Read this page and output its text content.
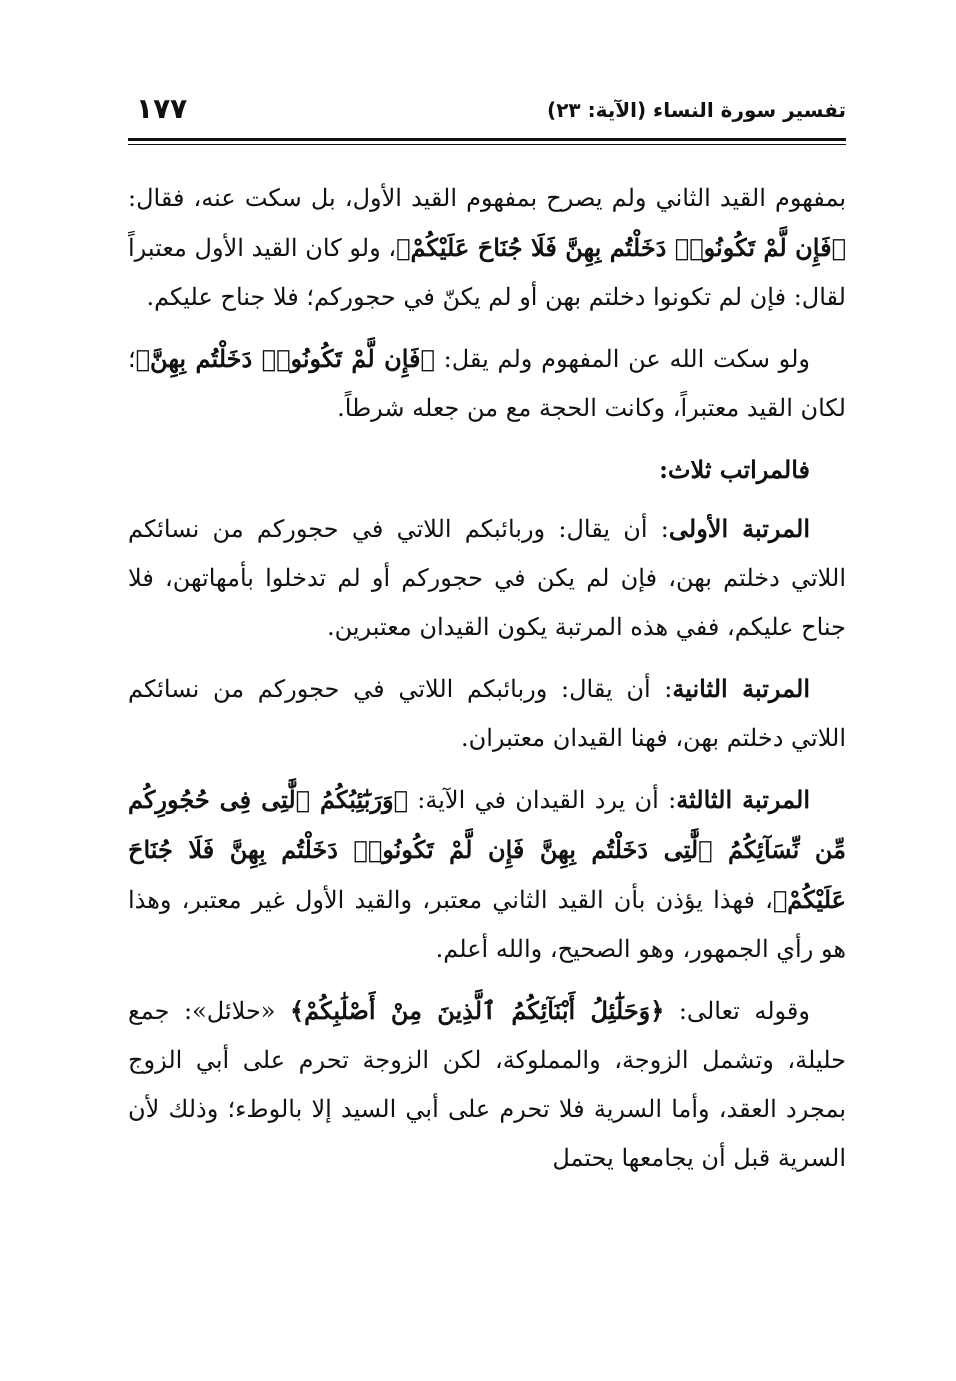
تفسير سورة النساء (الآية: ٢٣)
١٧٧

بمفهوم القيد الثاني ولم يصرح بمفهوم القيد الأول، بل سكت عنه، فقال: ﴿فَإِن لَّمْ تَكُونُوا۟ دَخَلْتُم بِهِنَّ فَلَا جُنَاحَ عَلَيْكُمْ﴾، ولو كان القيد الأول معتبراً لقال: فإن لم تكونوا دخلتم بهن أو لم يكنّ في حجوركم؛ فلا جناح عليكم.

ولو سكت الله عن المفهوم ولم يقل: ﴿فَإِن لَّمْ تَكُونُوا۟ دَخَلْتُم بِهِنَّ﴾؛ لكان القيد معتبراً، وكانت الحجة مع من جعله شرطاً.

فالمراتب ثلاث:

المرتبة الأولى: أن يقال: وربائبكم اللاتي في حجوركم من نسائكم اللاتي دخلتم بهن، فإن لم يكن في حجوركم أو لم تدخلوا بأمهاتهن، فلا جناح عليكم، ففي هذه المرتبة يكون القيدان معتبرين.

المرتبة الثانية: أن يقال: وربائبكم اللاتي في حجوركم من نسائكم اللاتي دخلتم بهن، فهنا القيدان معتبران.

المرتبة الثالثة: أن يرد القيدان في الآية: ﴿وَرَبَٰٓئِبُكُمُ ٱلَّٰتِى فِى حُجُورِكُم مِّن نِّسَآئِكُمُ ٱلَّٰتِى دَخَلْتُم بِهِنَّ فَإِن لَّمْ تَكُونُوا۟ دَخَلْتُم بِهِنَّ فَلَا جُنَاحَ عَلَيْكُمْ﴾، فهذا يؤذن بأن القيد الثاني معتبر، والقيد الأول غير معتبر، وهذا هو رأي الجمهور، وهو الصحيح، والله أعلم.

وقوله تعالى: ﴿وَحَلَٰٓئِلُ أَبْنَآئِكُمُ ٱلَّذِينَ مِنْ أَصْلَٰبِكُمْ﴾ «حلائل»: جمع حليلة، وتشمل الزوجة، والمملوكة، لكن الزوجة تحرم على أبي الزوج بمجرد العقد، وأما السرية فلا تحرم على أبي السيد إلا بالوطء؛ وذلك لأن السرية قبل أن يجامعها يحتمل
